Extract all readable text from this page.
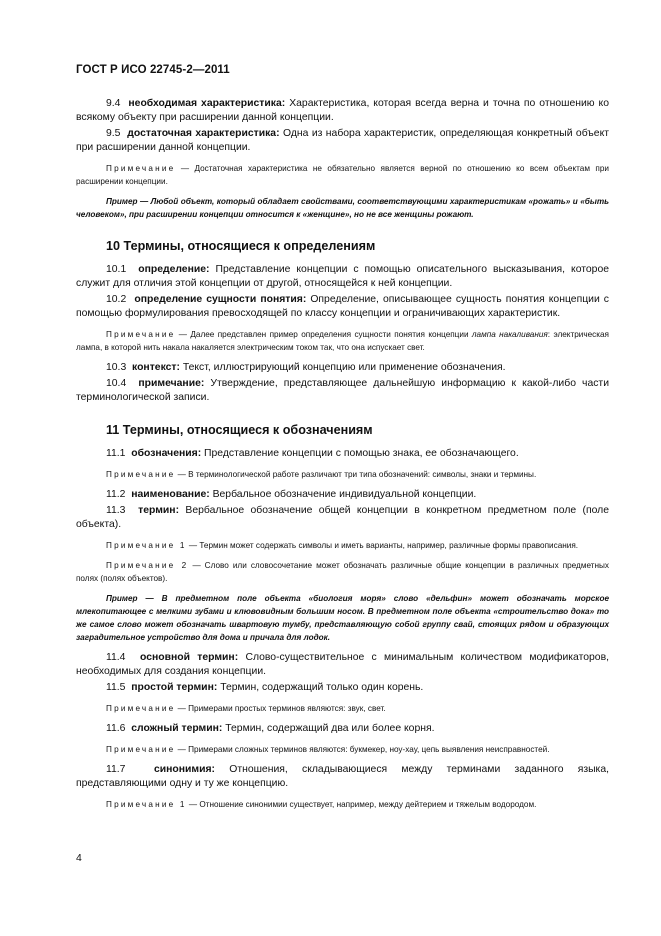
ГОСТ Р ИСО 22745-2—2011

9.4 необходимая характеристика: Характеристика, которая всегда верна и точна по отношению ко всякому объекту при расширении данной концепции.

9.5 достаточная характеристика: Одна из набора характеристик, определяющая конкретный объект при расширении данной концепции.

Примечание — Достаточная характеристика не обязательно является верной по отношению ко всем объектам при расширении концепции.

Пример — Любой объект, который обладает свойствами, соответствующими характеристикам «рожать» и «быть человеком», при расширении концепции относится к «женщине», но не все женщины рожают.

10 Термины, относящиеся к определениям

10.1 определение: Представление концепции с помощью описательного высказывания, которое служит для отличия этой концепции от другой, относящейся к ней концепции.

10.2 определение сущности понятия: Определение, описывающее сущность понятия концепции с помощью формулирования превосходящей по классу концепции и ограничивающих характеристик.

Примечание — Далее представлен пример определения сущности понятия концепции лампа накаливания: электрическая лампа, в которой нить накала накаляется электрическим током так, что она испускает свет.

10.3 контекст: Текст, иллюстрирующий концепцию или применение обозначения.

10.4 примечание: Утверждение, представляющее дальнейшую информацию к какой-либо части терминологической записи.

11 Термины, относящиеся к обозначениям

11.1 обозначения: Представление концепции с помощью знака, ее обозначающего.

Примечание — В терминологической работе различают три типа обозначений: символы, знаки и термины.

11.2 наименование: Вербальное обозначение индивидуальной концепции.

11.3 термин: Вербальное обозначение общей концепции в конкретном предметном поле (поле объекта).

Примечание 1 — Термин может содержать символы и иметь варианты, например, различные формы правописания.

Примечание 2 — Слово или словосочетание может обозначать различные общие концепции в различных предметных полях (полях объектов).

Пример — В предметном поле объекта «биология моря» слово «дельфин» может обозначать морское млекопитающее с мелкими зубами и клювовидным большим носом. В предметном поле объекта «строительство дока» то же самое слово может обозначать швартовую тумбу, представляющую собой группу свай, стоящих рядом и образующих заградительное устройство для дома и причала для лодок.

11.4 основной термин: Слово-существительное с минимальным количеством модификаторов, необходимых для создания концепции.

11.5 простой термин: Термин, содержащий только один корень.

Примечание — Примерами простых терминов являются: звук, свет.

11.6 сложный термин: Термин, содержащий два или более корня.

Примечание — Примерами сложных терминов являются: букмекер, ноу-хау, цепь выявления неисправностей.

11.7	синонимия: Отношения, складывающиеся между терминами заданного языка, представляющими одну и ту же концепцию.

Примечание 1 — Отношение синонимии существует, например, между дейтерием и тяжелым водородом.

4
